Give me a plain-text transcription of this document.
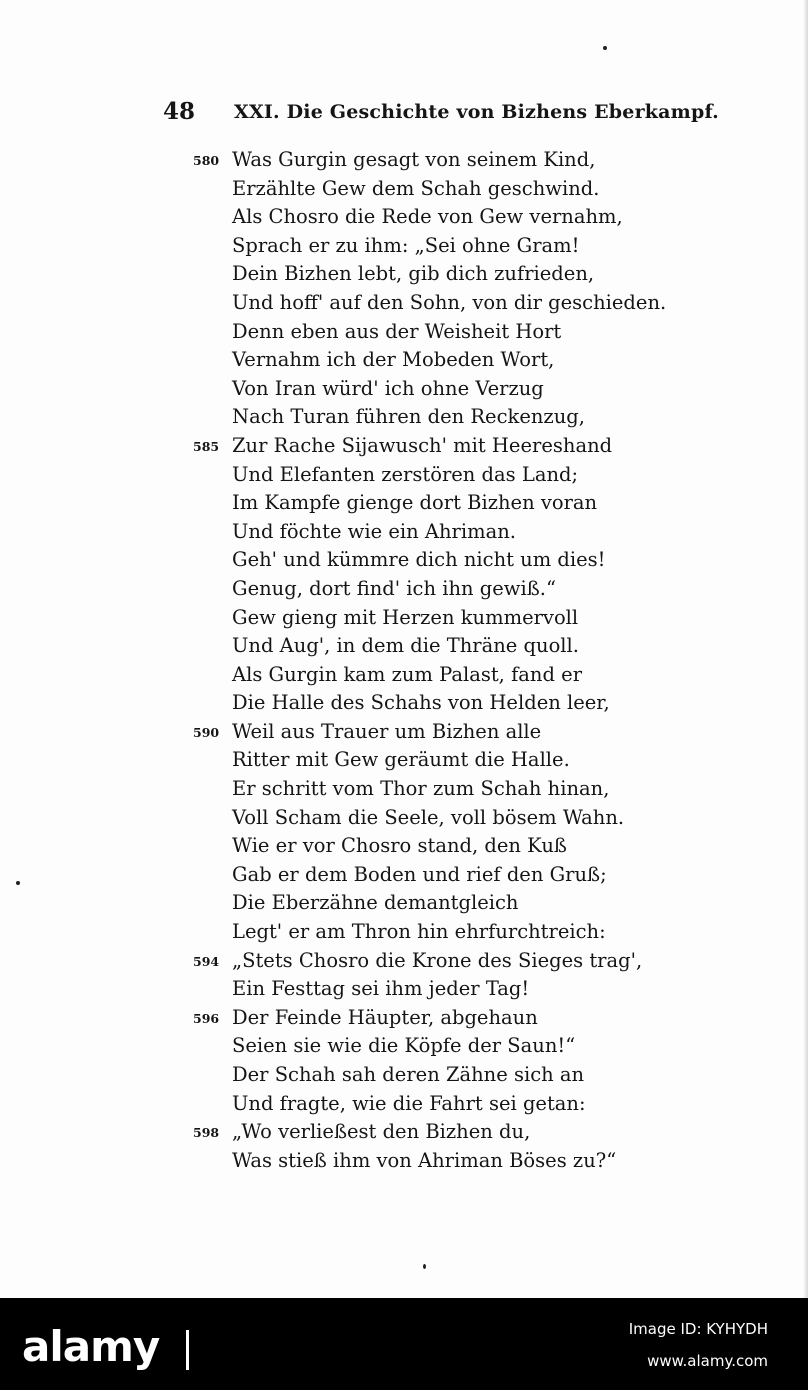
48 XXI. Die Geschichte von Bizhens Eberkampf.
580 Was Gurgin gesagt von seinem Kind,
Erzählte Gew dem Schah geschwind.
Als Chosro die Rede von Gew vernahm,
Sprach er zu ihm: „Sei ohne Gram!
Dein Bizhen lebt, gib dich zufrieden,
Und hoff' auf den Sohn, von dir geschieden.
Denn eben aus der Weisheit Hort
Vernahm ich der Mobeden Wort,
Von Iran würd' ich ohne Verzug
Nach Turan führen den Reckenzug,
585 Zur Rache Sijawusch' mit Heereshand
Und Elefanten zerstören das Land;
Im Kampfe gienge dort Bizhen voran
Und föchte wie ein Ahriman.
Geh' und kümmre dich nicht um dies!
Genug, dort find' ich ihn gewiß.“
Gew gieng mit Herzen kummervoll
Und Aug', in dem die Thräne quoll.
Als Gurgin kam zum Palast, fand er
Die Halle des Schahs von Helden leer,
590 Weil aus Trauer um Bizhen alle
Ritter mit Gew geräumt die Halle.
Er schritt vom Thor zum Schah hinan,
Voll Scham die Seele, voll bösem Wahn.
Wie er vor Chosro stand, den Kuß
Gab er dem Boden und rief den Gruß;
Die Eberzähne demantgleich
Legt' er am Thron hin ehrfurchtreich:
594 „Stets Chosro die Krone des Sieges trag',
Ein Festtag sei ihm jeder Tag!
596 Der Feinde Häupter, abgehaun
Seien sie wie die Köpfe der Saun!“
Der Schah sah deren Zähne sich an
Und fragte, wie die Fahrt sei getan:
598 „Wo verließest den Bizhen du,
Was stieß ihm von Ahriman Böses zu?“
alamy	Image ID: KYHYDH
www.alamy.com
